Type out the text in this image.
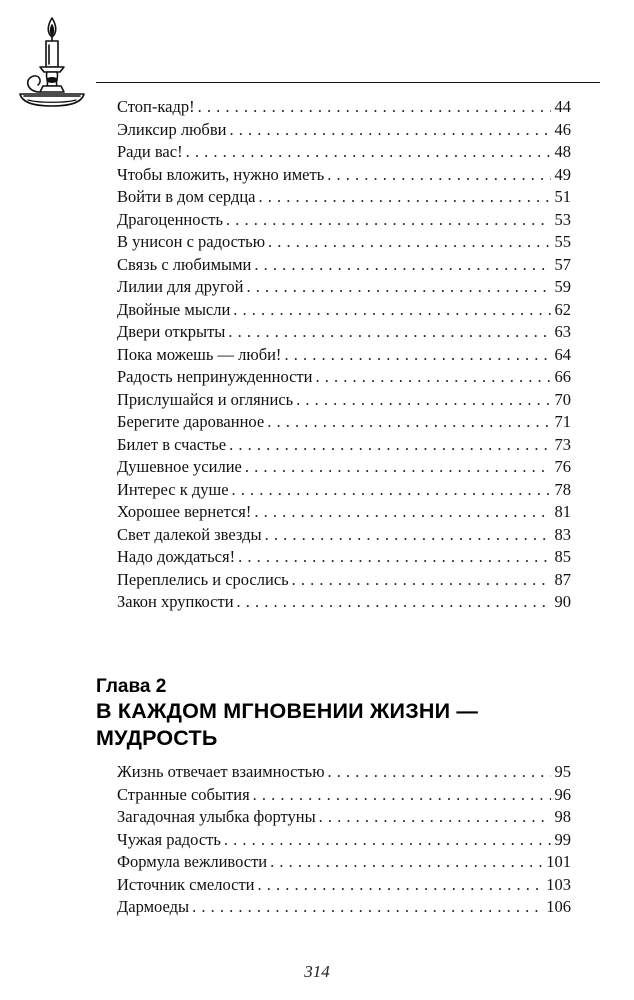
Стоп-кадр! . . .	44
Эликсир любви . . .	46
Ради вас! . . .	48
Чтобы вложить, нужно иметь . . .	49
Войти в дом сердца . . .	51
Драгоценность . . .	53
В унисон с радостью . . .	55
Связь с любимыми . . .	57
Лилии для другой . . .	59
Двойные мысли . . .	62
Двери открыты . . .	63
Пока можешь — люби! . . .	64
Радость непринужденности . . .	66
Прислушайся и оглянись . . .	70
Берегите дарованное . . .	71
Билет в счастье . . .	73
Душевное усилие . . .	76
Интерес к душе . . .	78
Хорошее вернется! . . .	81
Свет далекой звезды . . .	83
Надо дождаться! . . .	85
Переплелись и срослись . . .	87
Закон хрупкости . . .	90
Глава 2
В КАЖДОМ МГНОВЕНИИ ЖИЗНИ —
МУДРОСТЬ
Жизнь отвечает взаимностью . . .	95
Странные события . . .	96
Загадочная улыбка фортуны . . .	98
Чужая радость . . .	99
Формула вежливости . . .	101
Источник смелости . . .	103
Дармоеды . . .	106
314
